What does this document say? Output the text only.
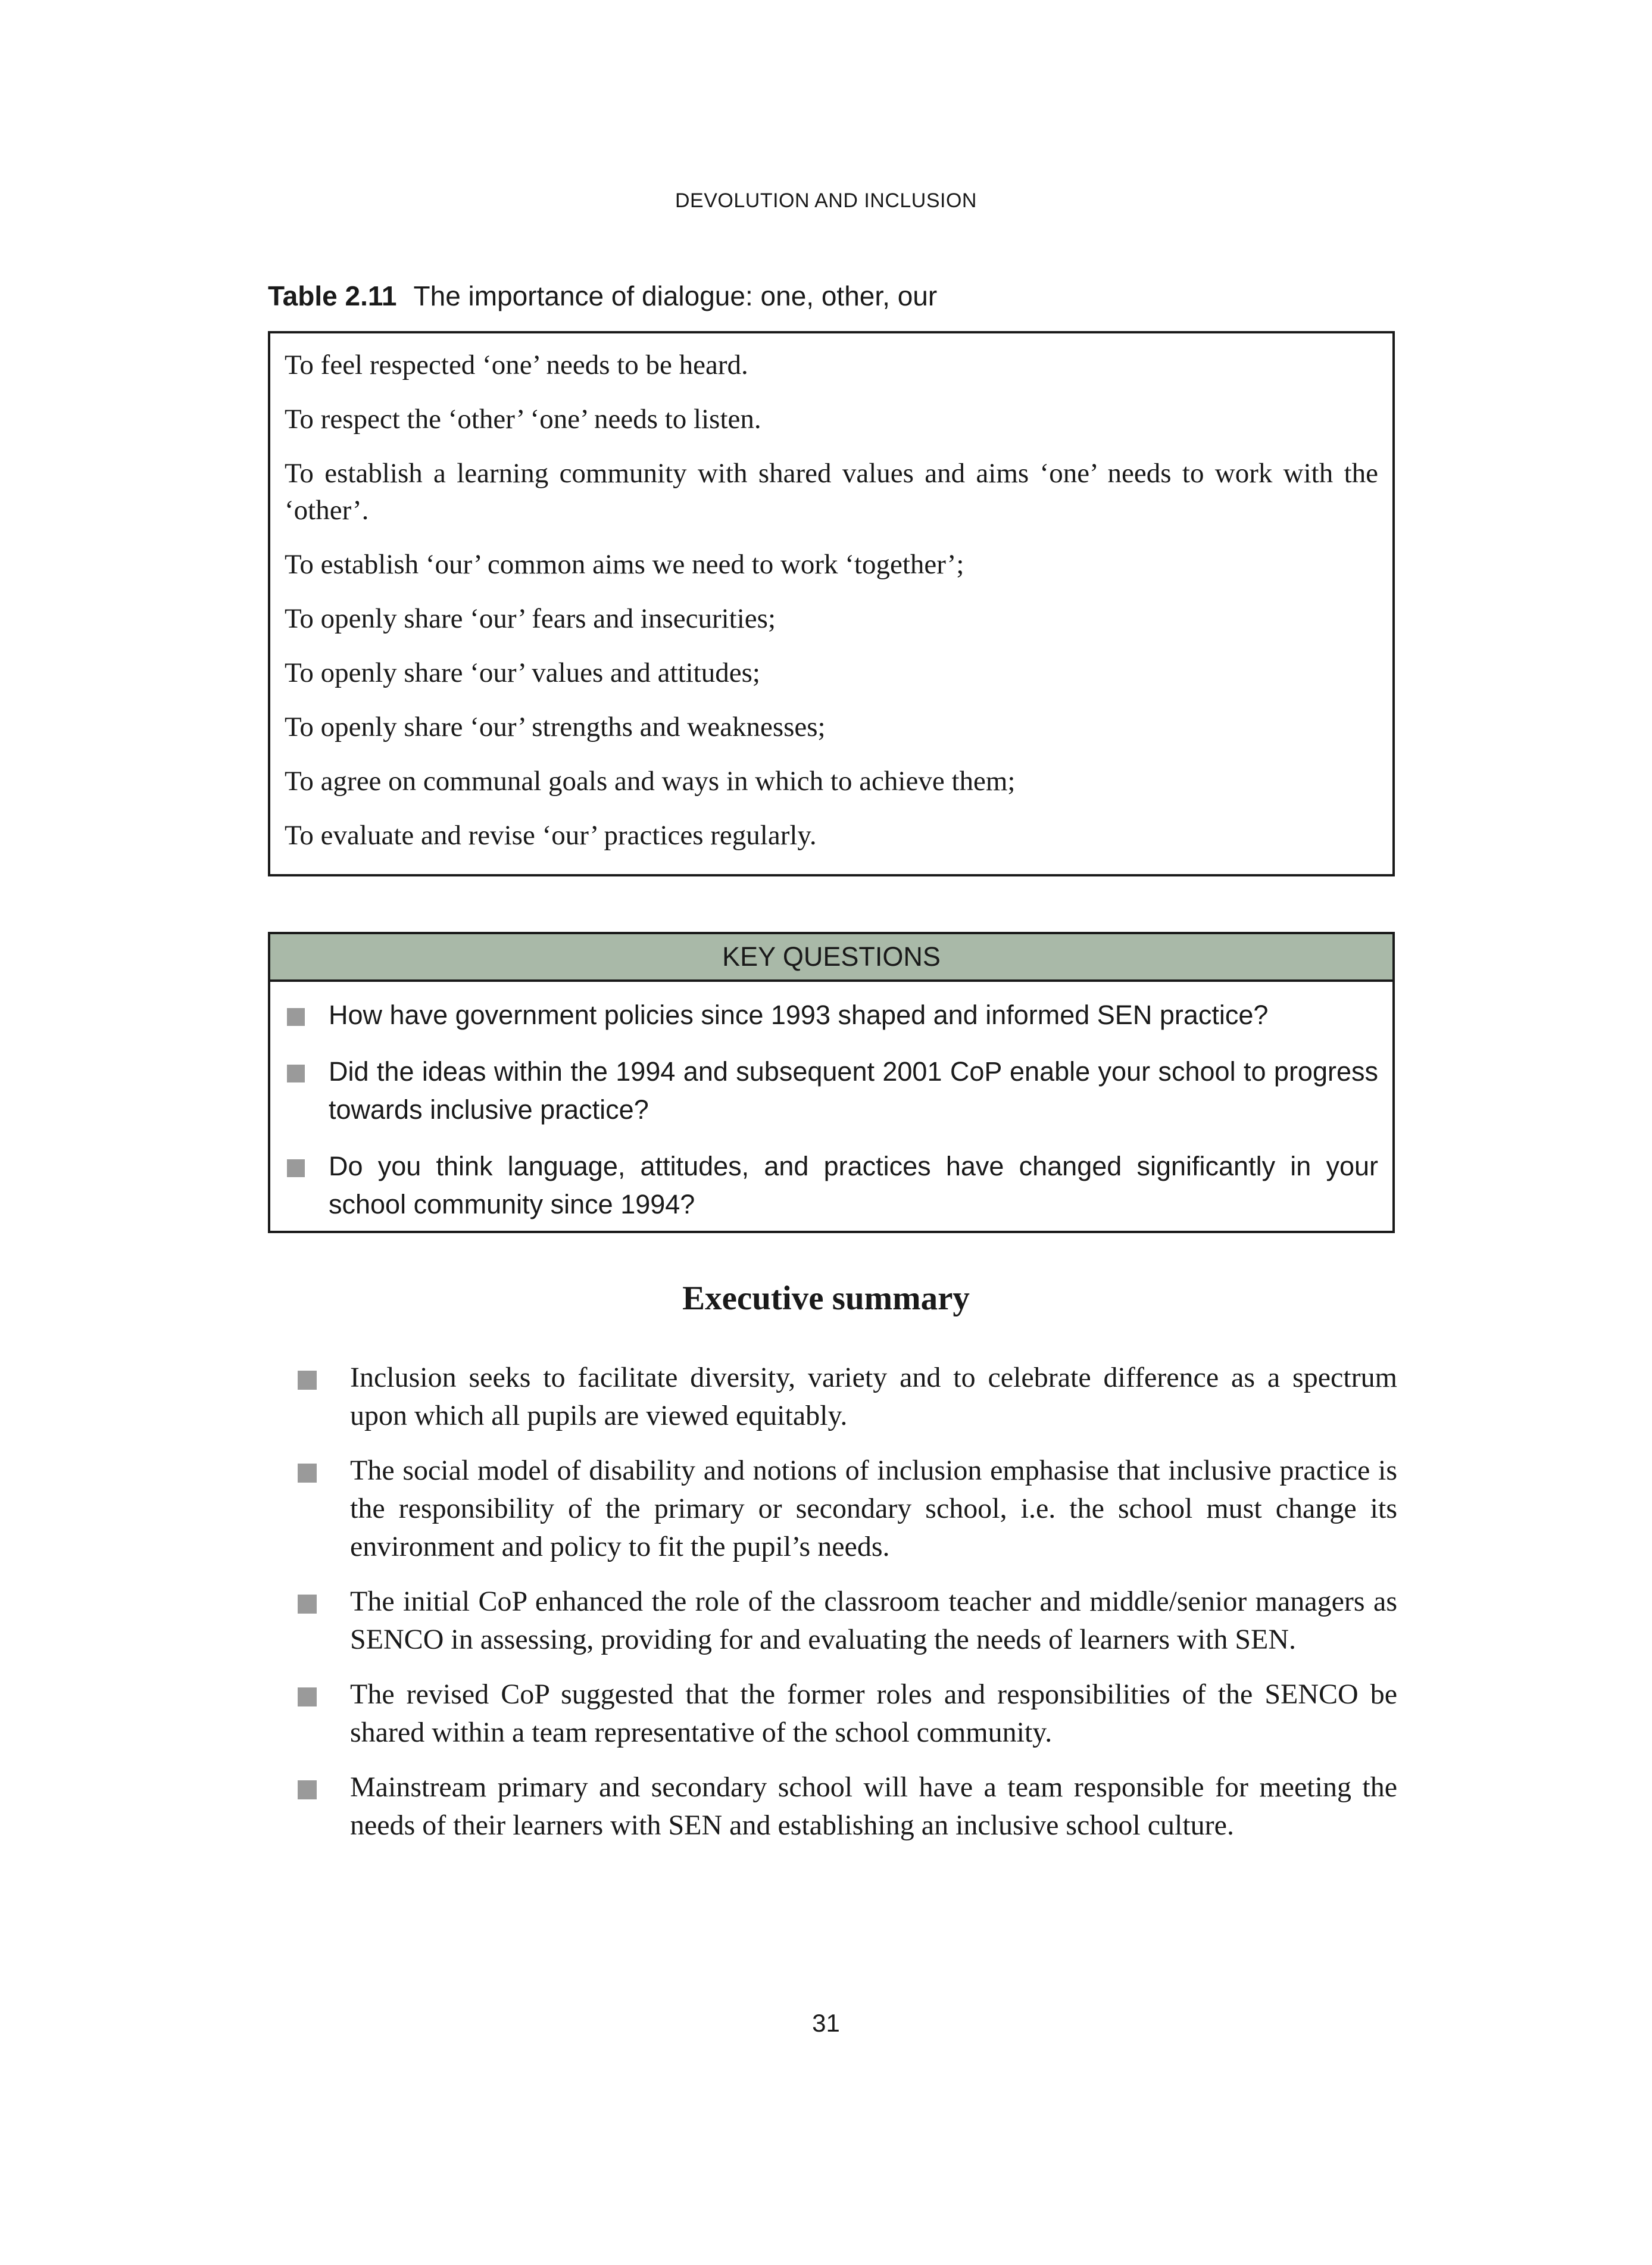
DEVOLUTION AND INCLUSION
Table 2.11 The importance of dialogue: one, other, our

To feel respected ‘one’ needs to be heard.

To respect the ‘other’ ‘one’ needs to listen.

To establish a learning community with shared values and aims ‘one’ needs to work with the ‘other’.

To establish ‘our’ common aims we need to work ‘together’;

To openly share ‘our’ fears and insecurities;

To openly share ‘our’ values and attitudes;

To openly share ‘our’ strengths and weaknesses;

To agree on communal goals and ways in which to achieve them;

To evaluate and revise ‘our’ practices regularly.

KEY QUESTIONS
How have government policies since 1993 shaped and informed SEN practice?
Did the ideas within the 1994 and subsequent 2001 CoP enable your school to progress towards inclusive practice?
Do you think language, attitudes, and practices have changed significantly in your school community since 1994?
Executive summary
Inclusion seeks to facilitate diversity, variety and to celebrate difference as a spectrum upon which all pupils are viewed equitably.
The social model of disability and notions of inclusion emphasise that inclusive practice is the responsibility of the primary or secondary school, i.e. the school must change its environment and policy to fit the pupil’s needs.
The initial CoP enhanced the role of the classroom teacher and middle/senior managers as SENCO in assessing, providing for and evaluating the needs of learners with SEN.
The revised CoP suggested that the former roles and responsibilities of the SENCO be shared within a team representative of the school community.
Mainstream primary and secondary school will have a team responsible for meeting the needs of their learners with SEN and establishing an inclusive school culture.
31
